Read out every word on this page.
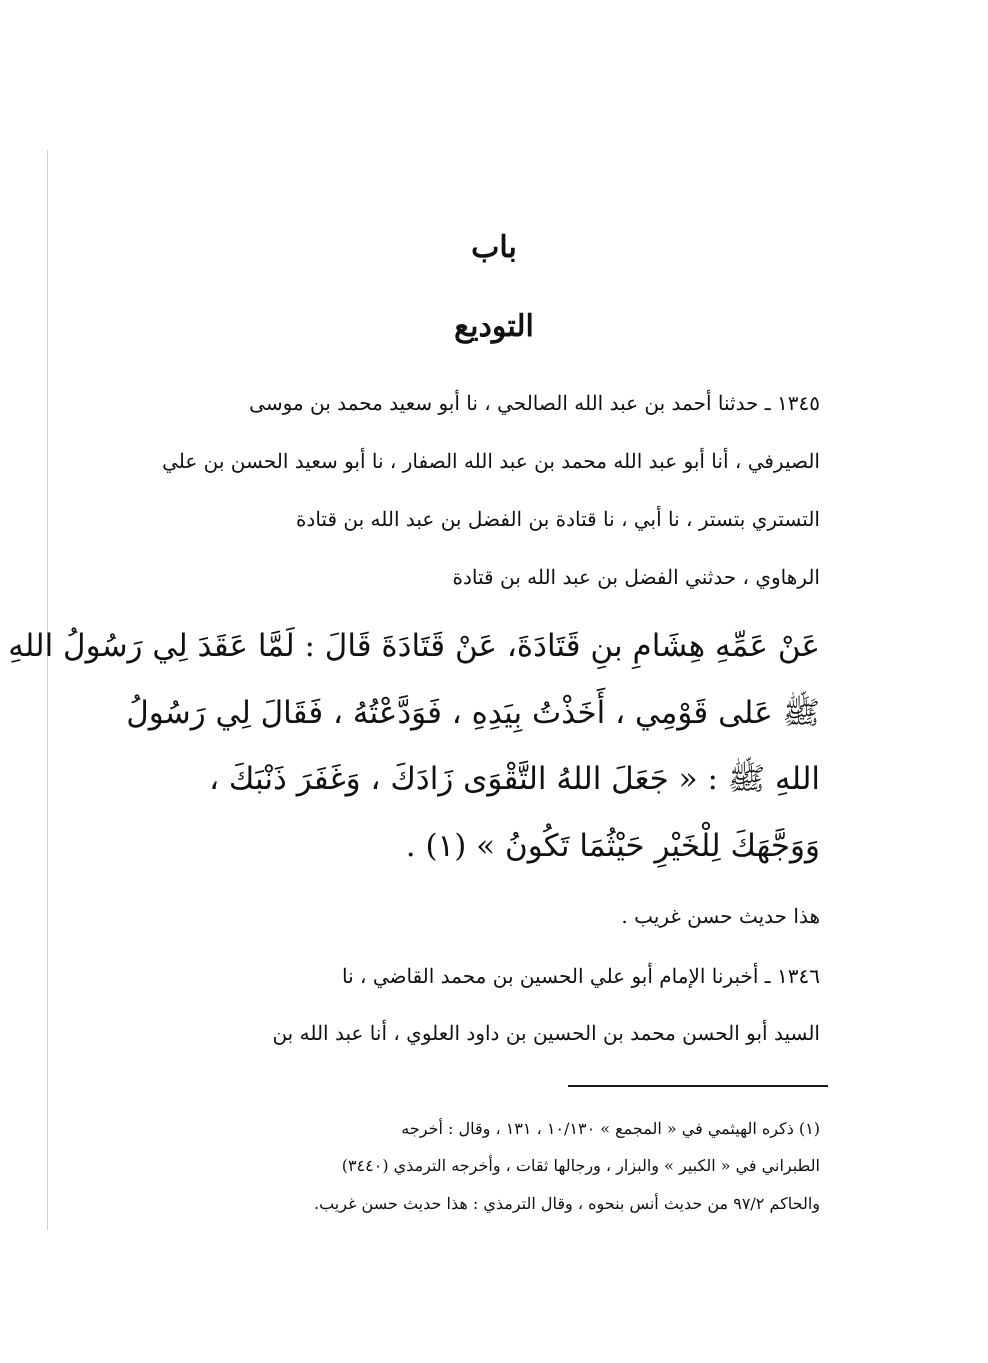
باب

التوديع

١٣٤٥ ـ حدثنا أحمد بن عبد الله الصالحي ، نا أبو سعيد محمد بن موسى

الصيرفي ، أنا أبو عبد الله محمد بن عبد الله الصفار ، نا أبو سعيد الحسن بن علي

التستري بتستر ، نا أبي ، نا قتادة بن الفضل بن عبد الله بن قتادة

الرهاوي ، حدثني الفضل بن عبد الله بن قتادة

عَنْ عَمِّهِ هِشَامِ بنِ قَتَادَةَ، عَنْ قَتَادَةَ قَالَ : لَمَّا عَقَدَ لِي رَسُولُ اللهِ

ﷺ عَلى قَوْمِي ، أَخَذْتُ بِيَدِهِ ، فَوَدَّعْتُهُ ، فَقَالَ لِي رَسُولُ

اللهِ ﷺ : « جَعَلَ اللهُ التَّقْوَى زَادَكَ ، وَغَفَرَ ذَنْبَكَ ،

وَوَجَّهَكَ لِلْخَيْرِ حَيْثُمَا تَكُونُ » (١) .

هذا حديث حسن غريب .

١٣٤٦ ـ أخبرنا الإمام أبو علي الحسين بن محمد القاضي ، نا

السيد أبو الحسن محمد بن الحسين بن داود العلوي ، أنا عبد الله بن

(١) ذكره الهيثمي في « المجمع » ١٠/١٣٠ ، ١٣١ ، وقال : أخرجه

الطبراني في « الكبير » والبزار ، ورجالها ثقات ، وأخرجه الترمذي (٣٤٤٠)

والحاكم ٩٧/٢ من حديث أنس بنحوه ، وقال الترمذي : هذا حديث حسن غريب.
